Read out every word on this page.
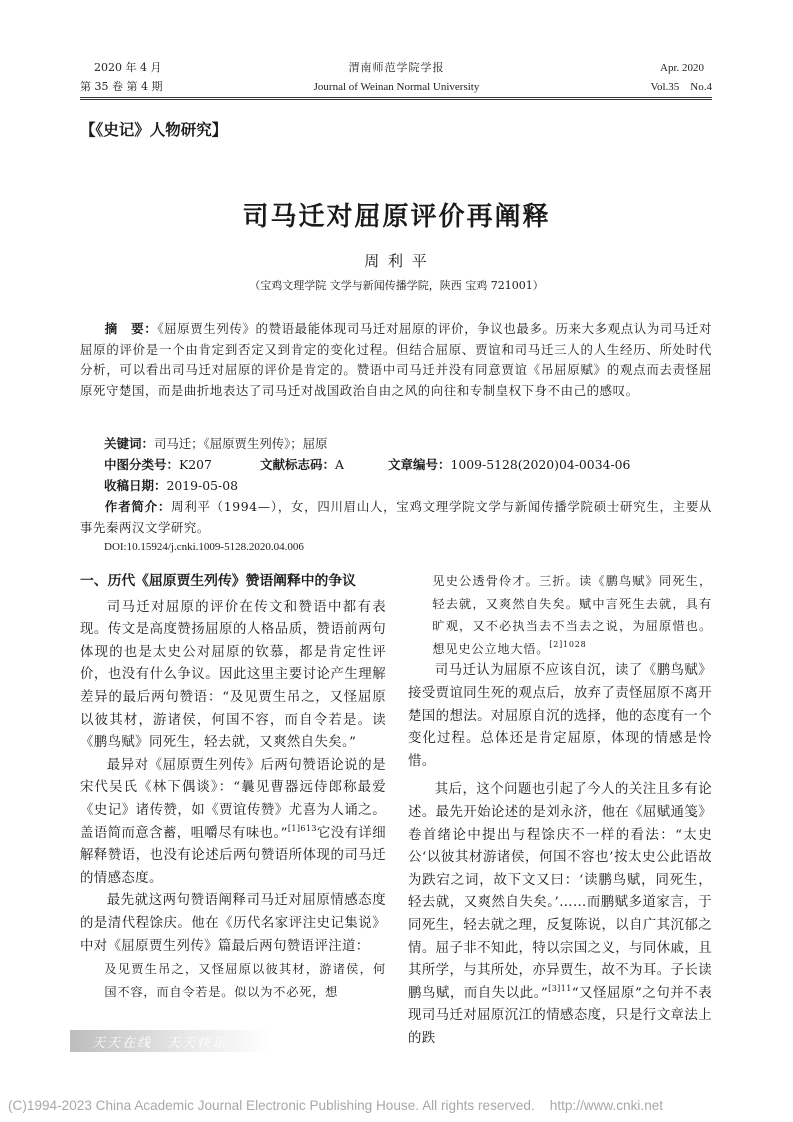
2020 年 4 月
第 35 卷 第 4 期
渭南师范学院学报
Journal of Weinan Normal University
Apr. 2020
Vol.35    No.4
【《史记》人物研究】
司马迁对屈原评价再阐释
周 利 平
（宝鸡文理学院 文学与新闻传播学院，陕西 宝鸡 721001）
摘　要：《屈原贾生列传》的赞语最能体现司马迁对屈原的评价，争议也最多。历来大多观点认为司马迁对屈原的评价是一个由肯定到否定又到肯定的变化过程。但结合屈原、贾谊和司马迁三人的人生经历、所处时代分析，可以看出司马迁对屈原的评价是肯定的。赞语中司马迁并没有同意贾谊《吊屈原赋》的观点而去责怪屈原死守楚国，而是曲折地表达了司马迁对战国政治自由之风的向往和专制皇权下身不由己的感叹。
关键词：司马迁；《屈原贾生列传》；屈原
中图分类号：K207	文献标志码：A	文章编号：1009-5128(2020)04-0034-06
收稿日期：2019-05-08
作者简介：周利平（1994—），女，四川眉山人，宝鸡文理学院文学与新闻传播学院硕士研究生，主要从事先秦两汉文学研究。
DOI:10.15924/j.cnki.1009-5128.2020.04.006

一、历代《屈原贾生列传》赞语阐释中的争议

司马迁对屈原的评价在传文和赞语中都有表现。传文是高度赞扬屈原的人格品质，赞语前两句体现的也是太史公对屈原的钦慕，都是肯定性评价，也没有什么争议。因此这里主要讨论产生理解差异的最后两句赞语：“及见贾生吊之，又怪屈原以彼其材，游诸侯，何国不容，而自令若是。读《鹏鸟赋》同死生，轻去就，又爽然自失矣。”

最异对《屈原贾生列传》后两句赞语论说的是宋代吴氏《林下偶谈》：“曩见曹器远侍郎称最爱《史记》诸传赞，如《贾谊传赞》尤喜为人诵之。盖语简而意含蓄，咀嚼尽有味也。”$^{[1]613}$它没有详细解释赞语，也没有论述后两句赞语所体现的司马迁的情感态度。

最先就这两句赞语阐释司马迁对屈原情感态度的是清代程馀庆。他在《历代名家评注史记集说》中对《屈原贾生列传》篇最后两句赞语评注道：

及见贾生吊之，又怪屈原以彼其材，游诸侯，何国不容，而自令若是。似以为不必死，想

见史公透骨伶才。三折。读《鹏鸟赋》同死生，轻去就，又爽然自失矣。赋中言死生去就，具有旷观，又不必执当去不当去之说，为屈原惜也。想见史公立地大悟。$^{[2]1028}$

司马迁认为屈原不应该自沉，读了《鹏鸟赋》接受贾谊同生死的观点后，放弃了责怪屈原不离开楚国的想法。对屈原自沉的选择，他的态度有一个变化过程。总体还是肯定屈原，体现的情感是怜惜。

其后，这个问题也引起了今人的关注且多有论述。最先开始论述的是刘永济，他在《屈赋通笺》卷首绪论中提出与程馀庆不一样的看法：“太史公‘以彼其材游诸侯，何国不容也’按太史公此语故为跌宕之词，故下文又曰：‘读鹏鸟赋，同死生，轻去就，又爽然自失矣。’……而鹏赋多道家言，于同死生，轻去就之理，反复陈说，以自广其沉郁之情。屈子非不知此，特以宗国之义，与同休戚，且其所学，与其所处，亦异贾生，故不为耳。子长读鹏鸟赋，而自失以此。”$^{[3]11}$“又怪屈原”之句并不表现司马迁对屈原沉江的情感态度，只是行文章法上的跌

天天在线　天天快乐
(C)1994-2023 China Academic Journal Electronic Publishing House. All rights reserved.    http://www.cnki.net
